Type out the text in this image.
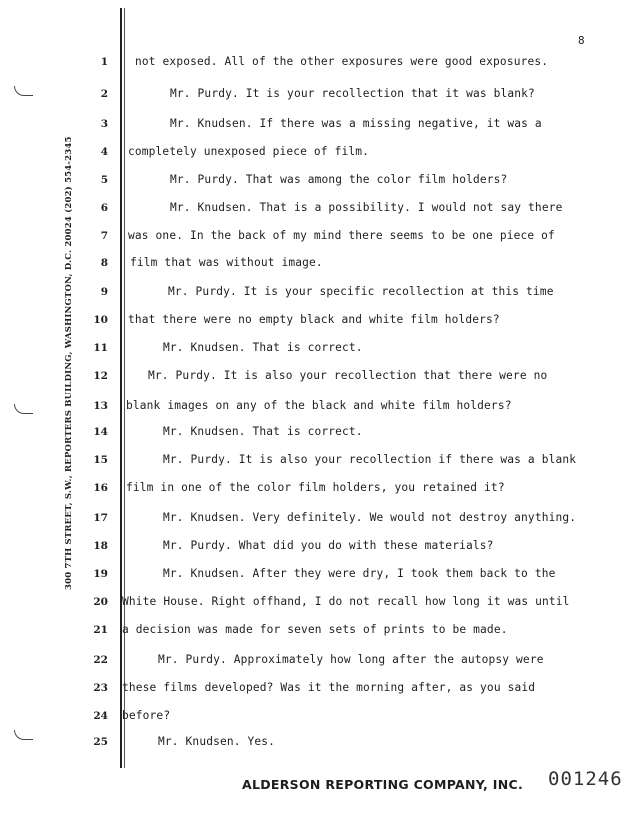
300 7TH STREET, S.W., REPORTERS BUILDING, WASHINGTON, D.C. 20024 (202) 554-2345
8
1 not exposed. All of the other exposures were good exposures.
2	Mr. Purdy. It is your recollection that it was blank?
3	Mr. Knudsen. If there was a missing negative, it was a
4 completely unexposed piece of film.
5	Mr. Purdy. That was among the color film holders?
6	Mr. Knudsen. That is a possibility. I would not say there
7 was one. In the back of my mind there seems to be one piece of
8 film that was without image.
9	Mr. Purdy. It is your specific recollection at this time
10 that there were no empty black and white film holders?
11	Mr. Knudsen. That is correct.
12	Mr. Purdy. It is also your recollection that there were no
13 blank images on any of the black and white film holders?
14	Mr. Knudsen. That is correct.
15	Mr. Purdy. It is also your recollection if there was a blank
16 film in one of the color film holders, you retained it?
17	Mr. Knudsen. Very definitely. We would not destroy anything.
18	Mr. Purdy. What did you do with these materials?
19	Mr. Knudsen. After they were dry, I took them back to the
20 White House. Right offhand, I do not recall how long it was until
21 a decision was made for seven sets of prints to be made.
22	Mr. Purdy. Approximately how long after the autopsy were
23 these films developed? Was it the morning after, as you said
24 before?
25	Mr. Knudsen. Yes.
ALDERSON REPORTING COMPANY, INC. 001246
